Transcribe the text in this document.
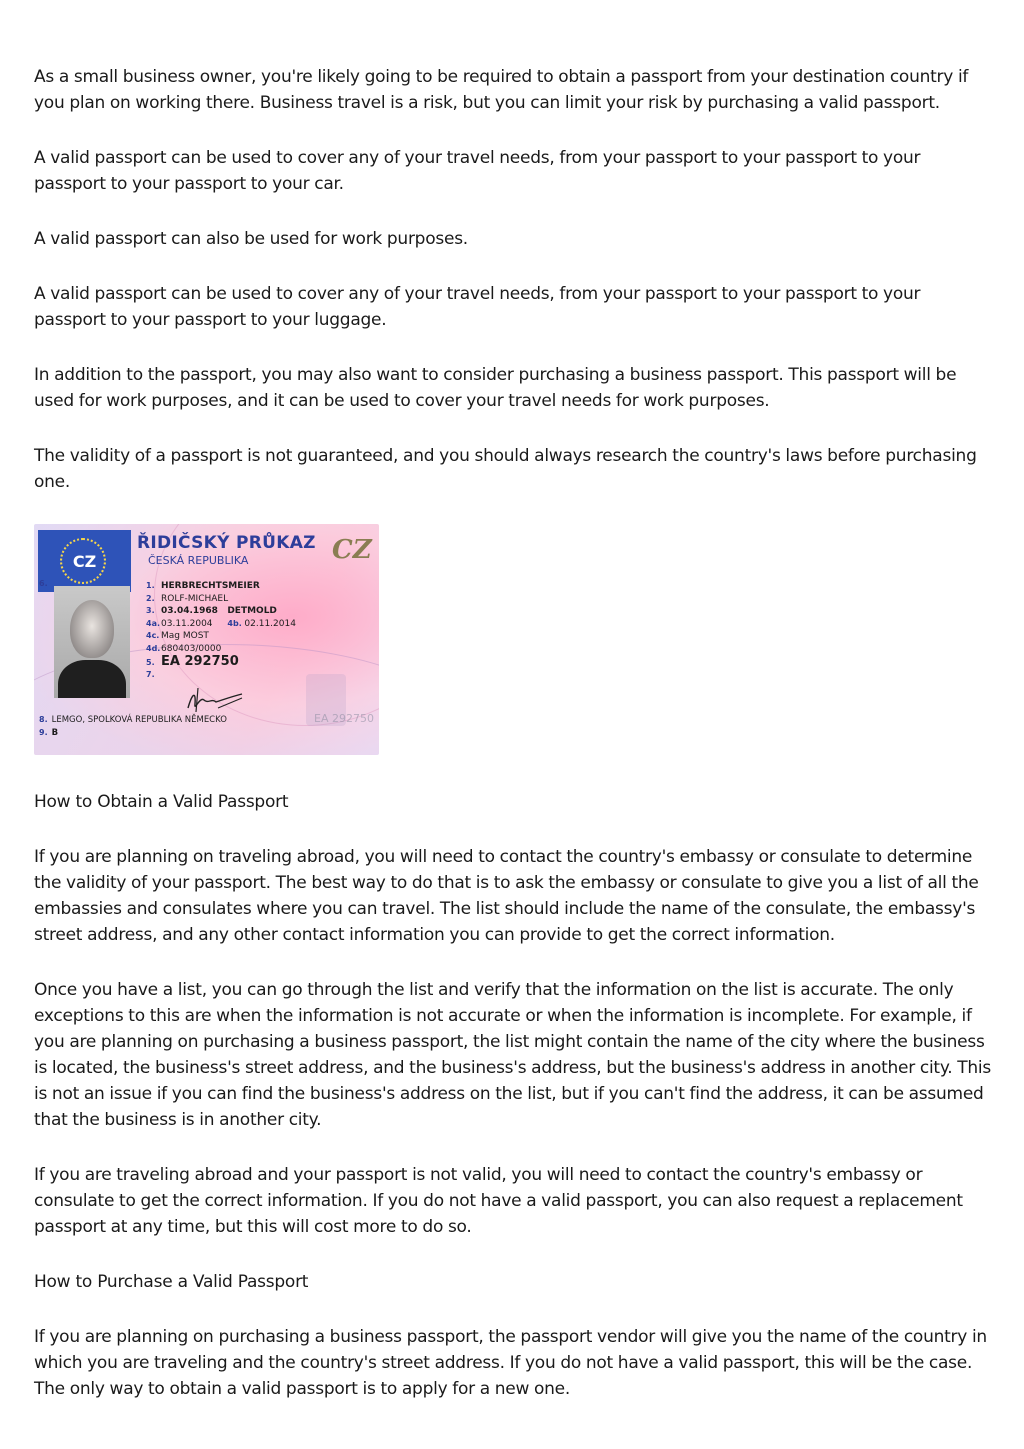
As a small business owner, you're likely going to be required to obtain a passport from your destination country if you plan on working there. Business travel is a risk, but you can limit your risk by purchasing a valid passport.

A valid passport can be used to cover any of your travel needs, from your passport to your passport to your passport to your passport to your car.

A valid passport can also be used for work purposes.

A valid passport can be used to cover any of your travel needs, from your passport to your passport to your passport to your passport to your luggage.

In addition to the passport, you may also want to consider purchasing a business passport. This passport will be used for work purposes, and it can be used to cover your travel needs for work purposes.

The validity of a passport is not guaranteed, and you should always research the country's laws before purchasing one.

CZ
ŘIDIČSKÝ PRŮKAZ
ČESKÁ REPUBLIKA	CZ
6.	1. HERBRECHTSMEIER
2. ROLF-MICHAEL
3. 03.04.1968   DETMOLD
4a.03.11.2004 4b. 02.11.2014
4c. Mag MOST
4d.680403/0000
5. EA 292750
7.
EA 292750
8. LEMGO, SPOLKOVÁ REPUBLIKA NĚMECKO
9. B

How to Obtain a Valid Passport

If you are planning on traveling abroad, you will need to contact the country's embassy or consulate to determine the validity of your passport. The best way to do that is to ask the embassy or consulate to give you a list of all the embassies and consulates where you can travel. The list should include the name of the consulate, the embassy's street address, and any other contact information you can provide to get the correct information.

Once you have a list, you can go through the list and verify that the information on the list is accurate. The only exceptions to this are when the information is not accurate or when the information is incomplete. For example, if you are planning on purchasing a business passport, the list might contain the name of the city where the business is located, the business's street address, and the business's address, but the business's address in another city. This is not an issue if you can find the business's address on the list, but if you can't find the address, it can be assumed that the business is in another city.

If you are traveling abroad and your passport is not valid, you will need to contact the country's embassy or consulate to get the correct information. If you do not have a valid passport, you can also request a replacement passport at any time, but this will cost more to do so.

How to Purchase a Valid Passport

If you are planning on purchasing a business passport, the passport vendor will give you the name of the country in which you are traveling and the country's street address. If you do not have a valid passport, this will be the case. The only way to obtain a valid passport is to apply for a new one.
